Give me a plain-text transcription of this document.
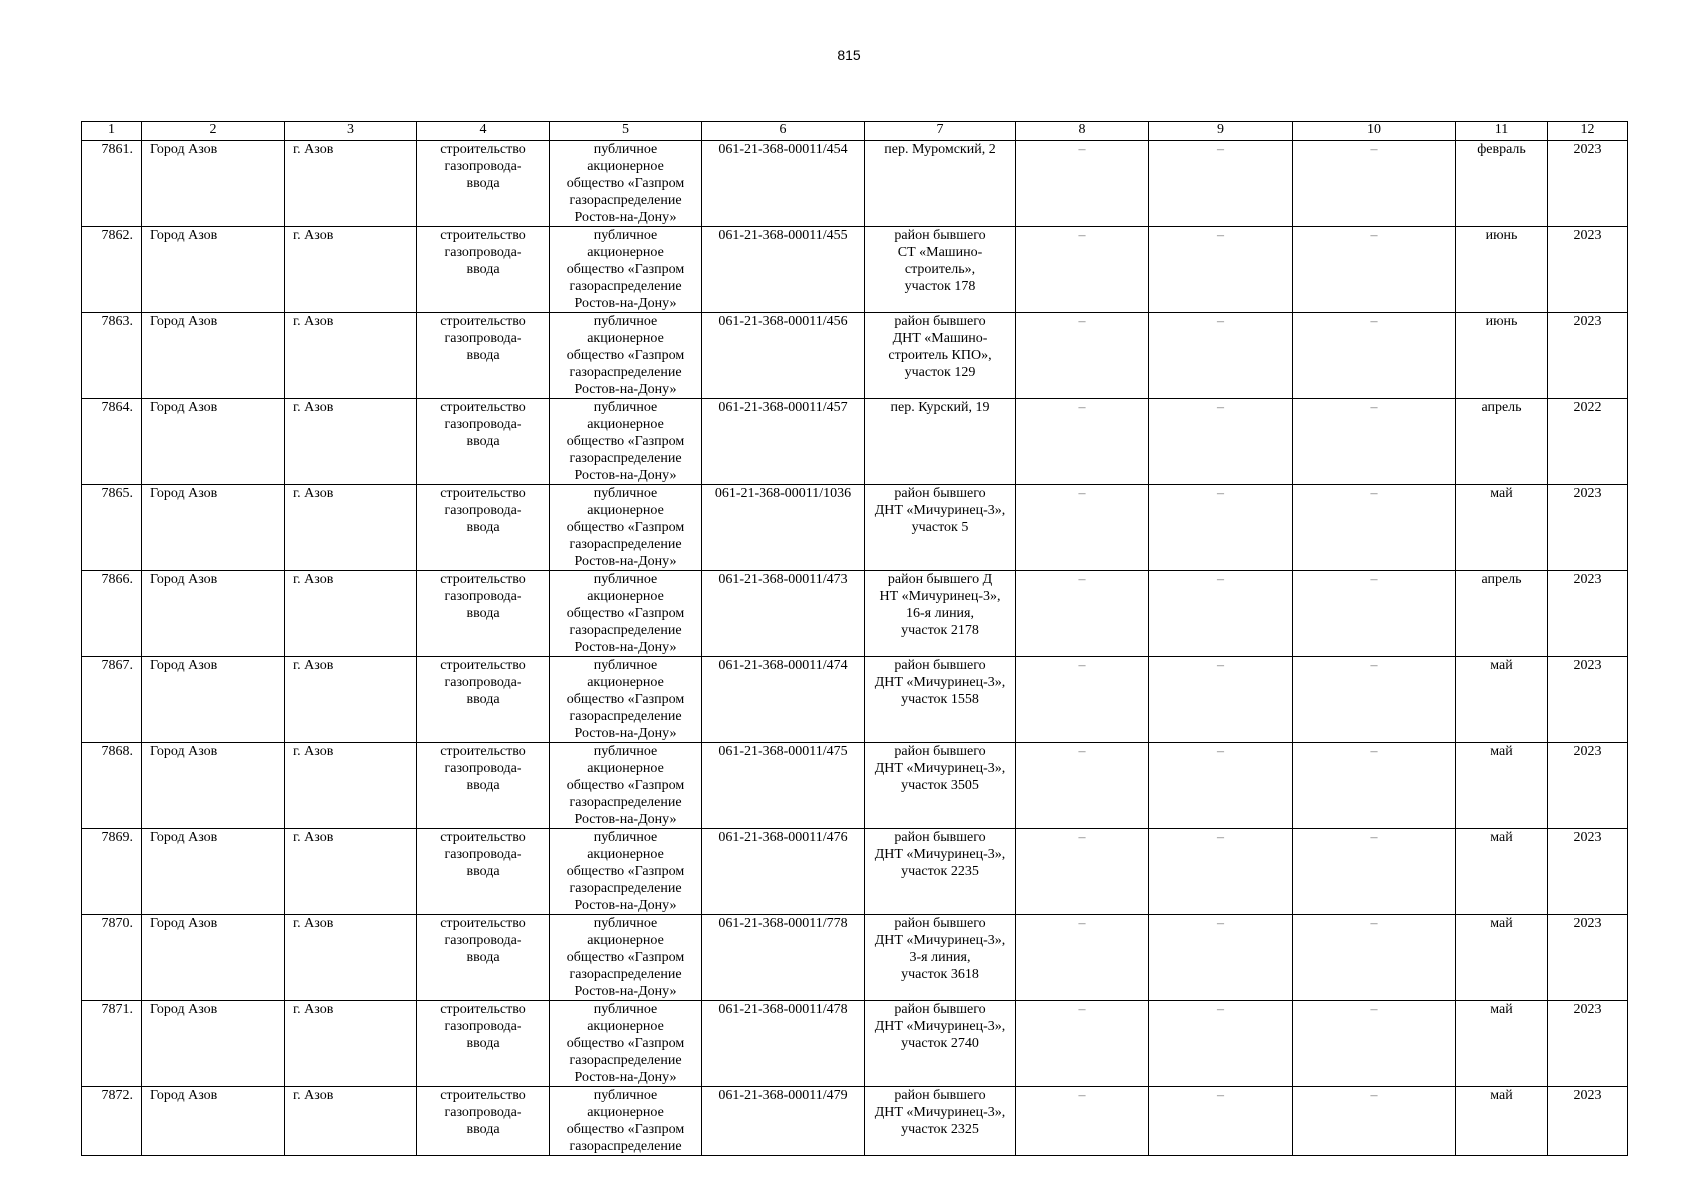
815
1	2	3	4	5	6	7	8	9	10	11	12
7861.	Город Азов	г. Азов	строительство
газопровода-
ввода	публичное
акционерное
общество «Газпром
газораспределение
Ростов-на-Дону»	061-21-368-00011/454	пер. Муромский, 2	–	–	–	февраль	2023
7862.	Город Азов	г. Азов	строительство
газопровода-
ввода	публичное
акционерное
общество «Газпром
газораспределение
Ростов-на-Дону»	061-21-368-00011/455	район бывшего
СТ «Машино-
строитель»,
участок 178	–	–	–	июнь	2023
7863.	Город Азов	г. Азов	строительство
газопровода-
ввода	публичное
акционерное
общество «Газпром
газораспределение
Ростов-на-Дону»	061-21-368-00011/456	район бывшего
ДНТ «Машино-
строитель КПО»,
участок 129	–	–	–	июнь	2023
7864.	Город Азов	г. Азов	строительство
газопровода-
ввода	публичное
акционерное
общество «Газпром
газораспределение
Ростов-на-Дону»	061-21-368-00011/457	пер. Курский, 19	–	–	–	апрель	2022
7865.	Город Азов	г. Азов	строительство
газопровода-
ввода	публичное
акционерное
общество «Газпром
газораспределение
Ростов-на-Дону»	061-21-368-00011/1036	район бывшего
ДНТ «Мичуринец-3»,
участок 5	–	–	–	май	2023
7866.	Город Азов	г. Азов	строительство
газопровода-
ввода	публичное
акционерное
общество «Газпром
газораспределение
Ростов-на-Дону»	061-21-368-00011/473	район бывшего Д
НТ «Мичуринец-3»,
16-я линия,
участок 2178	–	–	–	апрель	2023
7867.	Город Азов	г. Азов	строительство
газопровода-
ввода	публичное
акционерное
общество «Газпром
газораспределение
Ростов-на-Дону»	061-21-368-00011/474	район бывшего
ДНТ «Мичуринец-3»,
участок 1558	–	–	–	май	2023
7868.	Город Азов	г. Азов	строительство
газопровода-
ввода	публичное
акционерное
общество «Газпром
газораспределение
Ростов-на-Дону»	061-21-368-00011/475	район бывшего
ДНТ «Мичуринец-3»,
участок 3505	–	–	–	май	2023
7869.	Город Азов	г. Азов	строительство
газопровода-
ввода	публичное
акционерное
общество «Газпром
газораспределение
Ростов-на-Дону»	061-21-368-00011/476	район бывшего
ДНТ «Мичуринец-3»,
участок 2235	–	–	–	май	2023
7870.	Город Азов	г. Азов	строительство
газопровода-
ввода	публичное
акционерное
общество «Газпром
газораспределение
Ростов-на-Дону»	061-21-368-00011/778	район бывшего
ДНТ «Мичуринец-3»,
3-я линия,
участок 3618	–	–	–	май	2023
7871.	Город Азов	г. Азов	строительство
газопровода-
ввода	публичное
акционерное
общество «Газпром
газораспределение
Ростов-на-Дону»	061-21-368-00011/478	район бывшего
ДНТ «Мичуринец-3»,
участок 2740	–	–	–	май	2023
7872.	Город Азов	г. Азов	строительство
газопровода-
ввода	публичное
акционерное
общество «Газпром
газораспределение	061-21-368-00011/479	район бывшего
ДНТ «Мичуринец-3»,
участок 2325	–	–	–	май	2023
